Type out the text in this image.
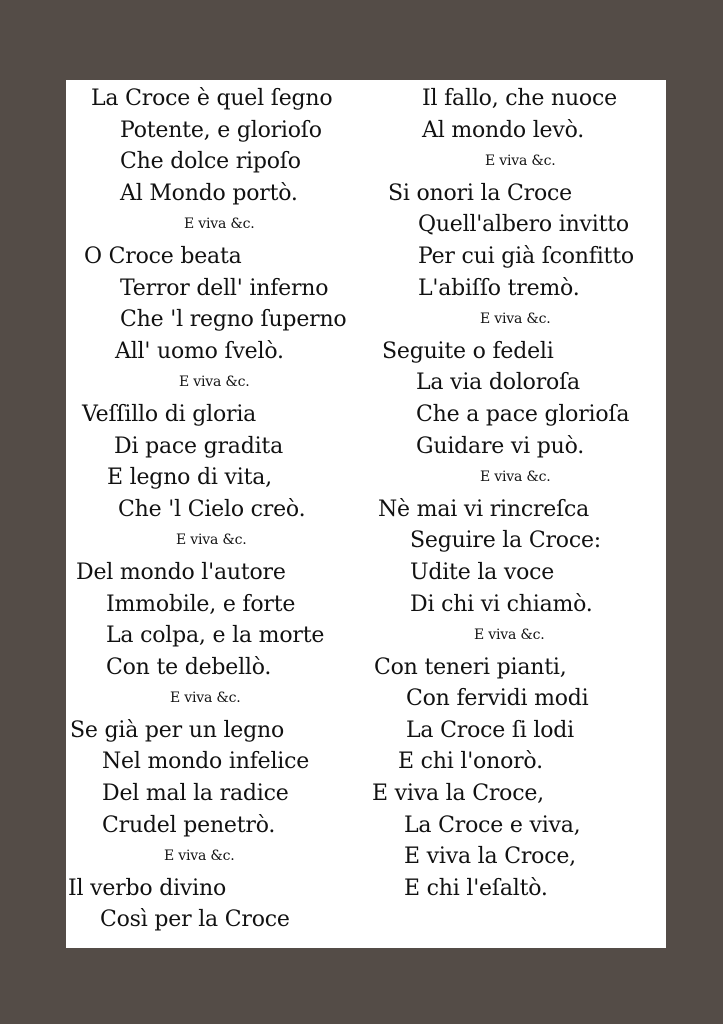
La Croce è quel ſegno
Potente, e glorioſo
Che dolce ripoſo
Al Mondo portò.
E viva &c.
O Croce beata
Terror dell' inferno
Che 'l regno ſuperno
All' uomo ſvelò.
E viva &c.
Veſſillo di gloria
Di pace gradita
E legno di vita,
Che 'l Cielo creò.
E viva &c.
Del mondo l'autore
Immobile, e forte
La colpa, e la morte
Con te debellò.
E viva &c.
Se già per un legno
Nel mondo infelice
Del mal la radice
Crudel penetrò.
E viva &c.
Il verbo divino
Così per la Croce
Il fallo, che nuoce
Al mondo levò.
E viva &c.
Si onori la Croce
Quell'albero invitto
Per cui già ſconfitto
L'abiſſo tremò.
E viva &c.
Seguite o fedeli
La via doloroſa
Che a pace glorioſa
Guidare vi può.
E viva &c.
Nè mai vi rincreſca
Seguire la Croce:
Udite la voce
Di chi vi chiamò.
E viva &c.
Con teneri pianti,
Con fervidi modi
La Croce ſi lodi
E chi l'onorò.
E viva la Croce,
La Croce e viva,
E viva la Croce,
E chi l'eſaltò.
